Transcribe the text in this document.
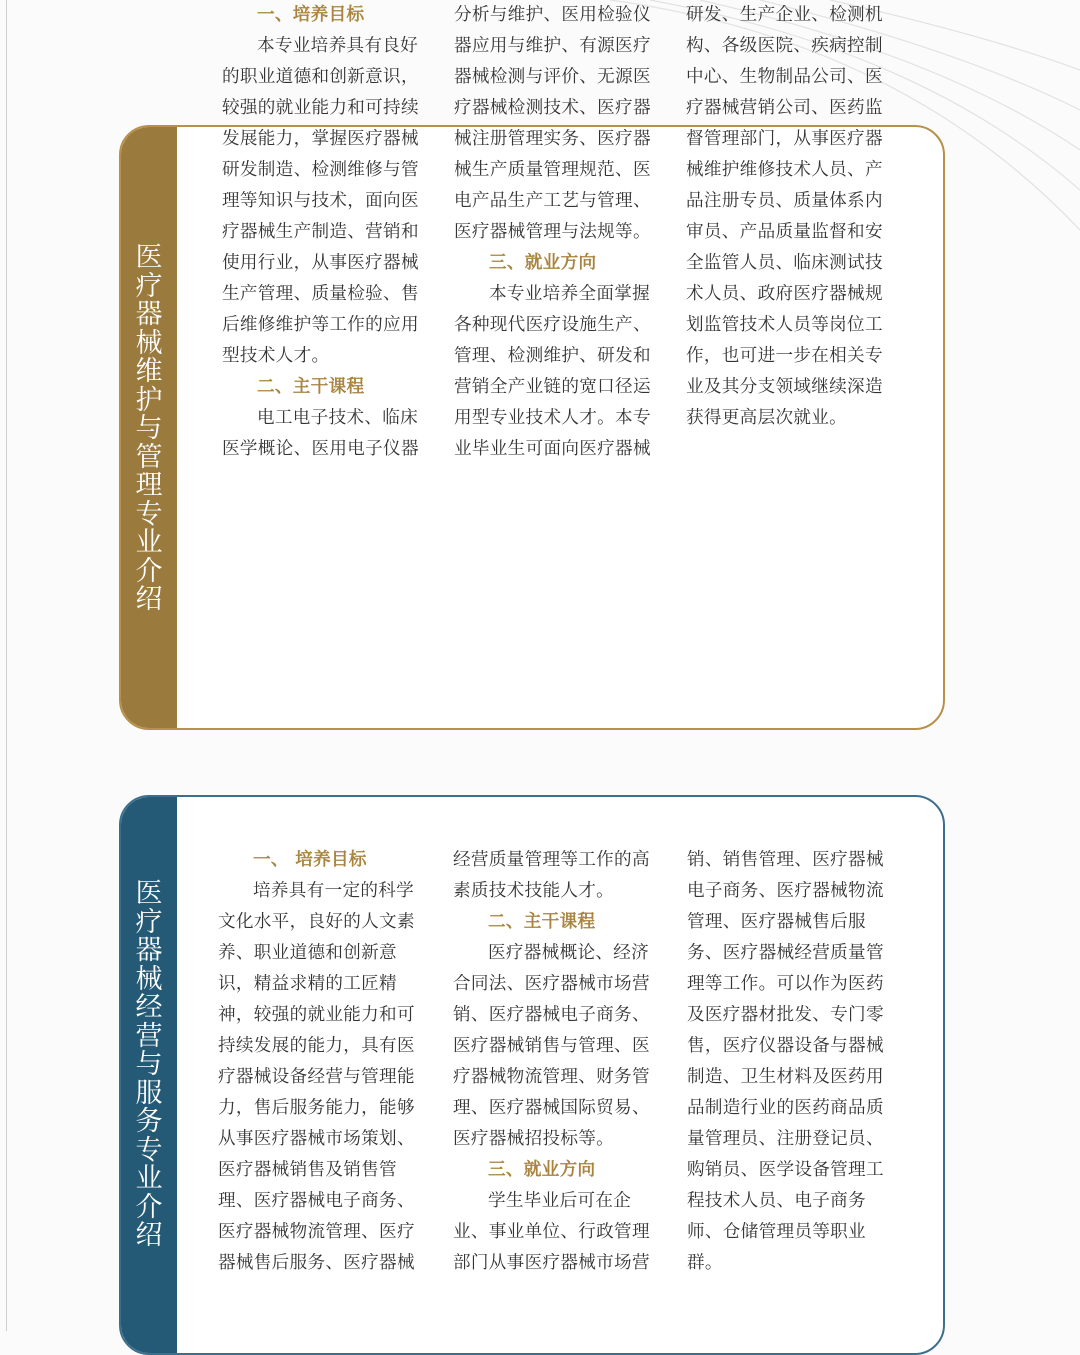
医
疗
器
械
维
护
与
管
理
专
业
介
绍
一、培养目标
本专业培养具有良好
的职业道德和创新意识，
较强的就业能力和可持续
发展能力，掌握医疗器械
研发制造、检测维修与管
理等知识与技术，面向医
疗器械生产制造、营销和
使用行业，从事医疗器械
生产管理、质量检验、售
后维修维护等工作的应用
型技术人才。
二、主干课程
电工电子技术、临床
医学概论、医用电子仪器
分析与维护、医用检验仪
器应用与维护、有源医疗
器械检测与评价、无源医
疗器械检测技术、医疗器
械注册管理实务、医疗器
械生产质量管理规范、医
电产品生产工艺与管理、
医疗器械管理与法规等。
三、就业方向
本专业培养全面掌握
各种现代医疗设施生产、
管理、检测维护、研发和
营销全产业链的宽口径运
用型专业技术人才。本专
业毕业生可面向医疗器械
研发、生产企业、检测机
构、各级医院、疾病控制
中心、生物制品公司、医
疗器械营销公司、医药监
督管理部门，从事医疗器
械维护维修技术人员、产
品注册专员、质量体系内
审员、产品质量监督和安
全监管人员、临床测试技
术人员、政府医疗器械规
划监管技术人员等岗位工
作，也可进一步在相关专
业及其分支领域继续深造
获得更高层次就业。
医
疗
器
械
经
营
与
服
务
专
业
介
绍
一、 培养目标
培养具有一定的科学
文化水平，良好的人文素
养、职业道德和创新意
识，精益求精的工匠精
神，较强的就业能力和可
持续发展的能力，具有医
疗器械设备经营与管理能
力，售后服务能力，能够
从事医疗器械市场策划、
医疗器械销售及销售管
理、医疗器械电子商务、
医疗器械物流管理、医疗
器械售后服务、医疗器械
经营质量管理等工作的高
素质技术技能人才。
二、主干课程
医疗器械概论、经济
合同法、医疗器械市场营
销、医疗器械电子商务、
医疗器械销售与管理、医
疗器械物流管理、财务管
理、医疗器械国际贸易、
医疗器械招投标等。
三、就业方向
学生毕业后可在企
业、事业单位、行政管理
部门从事医疗器械市场营
销、销售管理、医疗器械
电子商务、医疗器械物流
管理、医疗器械售后服
务、医疗器械经营质量管
理等工作。可以作为医药
及医疗器材批发、专门零
售，医疗仪器设备与器械
制造、卫生材料及医药用
品制造行业的医药商品质
量管理员、注册登记员、
购销员、医学设备管理工
程技术人员、电子商务
师、仓储管理员等职业
群。
